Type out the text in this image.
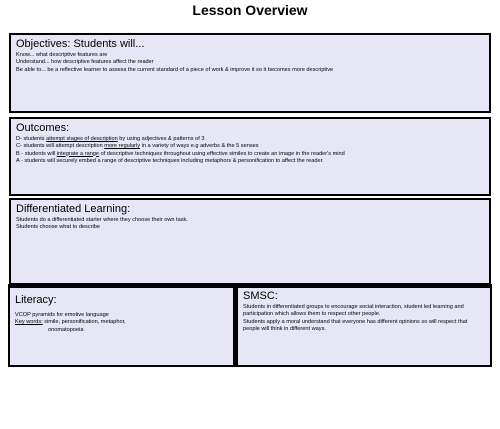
Lesson Overview
Objectives: Students will...
Know... what descriptive features are
Understand... how descriptive features affect the reader
Be able to... be a reflective learner to assess the current standard of a piece of work & improve it so it becomes more descriptive
Outcomes:
D- students attempt stages of description by using adjectives & patterns of 3
C- students will attempt description more regularly in a variety of ways e.g adverbs & the 5 senses
B - students will integrate a range of descriptive techniques throughout using effective similes to create an image in the reader's mind
A - students will securely embed a range of descriptive techniques including metaphors & personification to affect the reader.
Differentiated Learning:
Students do a differentiated starter where they choose their own task.
Students choose what to describe
Literacy:
VCOP pyramids for emotive language
Key words: simile, personification, metaphor,
onomatopoeia
SMSC:
Students in differentiated groups to encourage social interaction, student led learning and
participation which allows them to respect other people.
Students apply a moral understand that everyone has different opinions so will respect that
people will think in different ways.
